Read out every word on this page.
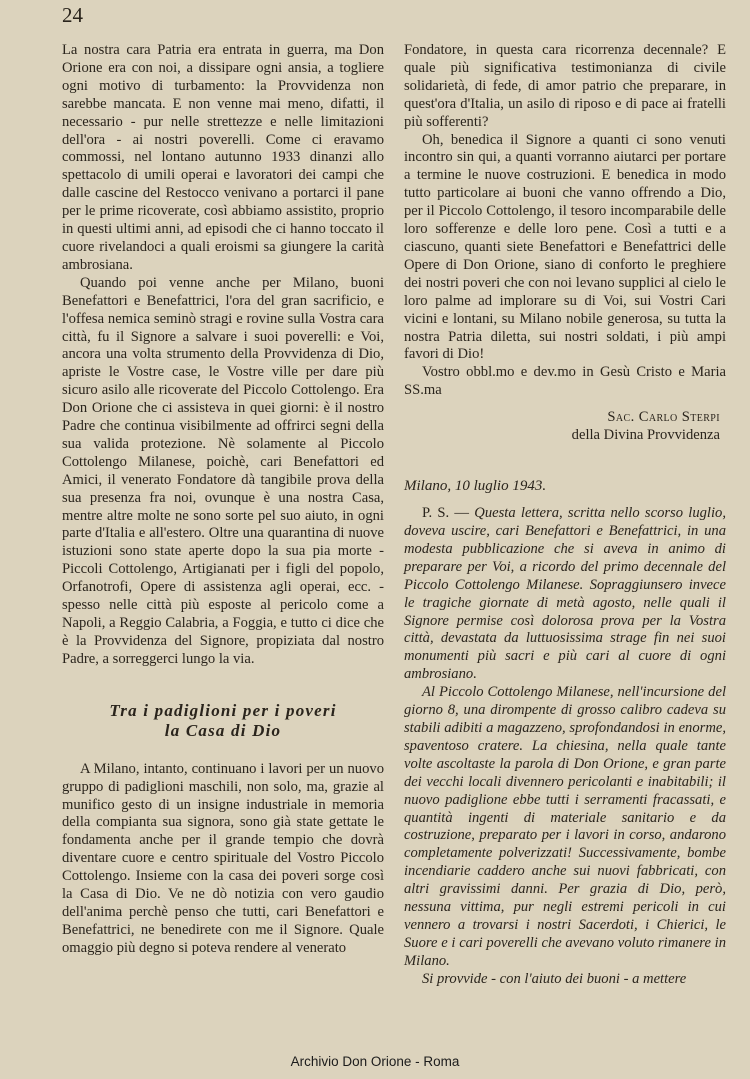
24

La nostra cara Patria era entrata in guerra, ma Don Orione era con noi, a dissipare ogni ansia, a togliere ogni motivo di turbamento: la Provvidenza non sarebbe mancata. E non venne mai meno, difatti, il necessario - pur nelle strettezze e nelle limitazioni dell'ora - ai nostri poverelli. Come ci eravamo commossi, nel lontano autunno 1933 dinanzi allo spettacolo di umili operai e lavoratori dei campi che dalle cascine del Restocco venivano a portarci il pane per le prime ricoverate, così abbiamo assistito, proprio in questi ultimi anni, ad episodi che ci hanno toccato il cuore rivelandoci a quali eroismi sa giungere la carità ambrosiana.

Quando poi venne anche per Milano, buoni Benefattori e Benefattrici, l'ora del gran sacrificio, e l'offesa nemica seminò stragi e rovine sulla Vostra cara città, fu il Signore a salvare i suoi poverelli: e Voi, ancora una volta strumento della Provvidenza di Dio, apriste le Vostre case, le Vostre ville per dare più sicuro asilo alle ricoverate del Piccolo Cottolengo. Era Don Orione che ci assisteva in quei giorni: è il nostro Padre che continua visibilmente ad offrirci segni della sua valida protezione. Nè solamente al Piccolo Cottolengo Milanese, poichè, cari Benefattori ed Amici, il venerato Fondatore dà tangibile prova della sua presenza fra noi, ovunque è una nostra Casa, mentre altre molte ne sono sorte pel suo aiuto, in ogni parte d'Italia e all'estero. Oltre una quarantina di nuove istuzioni sono state aperte dopo la sua pia morte - Piccoli Cottolengo, Artigianati per i figli del popolo, Orfanotrofi, Opere di assistenza agli operai, ecc. - spesso nelle città più esposte al pericolo come a Napoli, a Reggio Calabria, a Foggia, e tutto ci dice che è la Provvidenza del Signore, propiziata dal nostro Padre, a sorreggerci lungo la via.

Tra i padiglioni per i poveri
la Casa di Dio

A Milano, intanto, continuano i lavori per un nuovo gruppo di padiglioni maschili, non solo, ma, grazie al munifico gesto di un insigne industriale in memoria della compianta sua signora, sono già state gettate le fondamenta anche per il grande tempio che dovrà diventare cuore e centro spirituale del Vostro Piccolo Cottolengo. Insieme con la casa dei poveri sorge così la Casa di Dio. Ve ne dò notizia con vero gaudio dell'anima perchè penso che tutti, cari Benefattori e Benefattrici, ne benedirete con me il Signore. Quale omaggio più degno si poteva rendere al venerato

Fondatore, in questa cara ricorrenza decennale? E quale più significativa testimonianza di civile solidarietà, di fede, di amor patrio che preparare, in quest'ora d'Italia, un asilo di riposo e di pace ai fratelli più sofferenti?

Oh, benedica il Signore a quanti ci sono venuti incontro sin qui, a quanti vorranno aiutarci per portare a termine le nuove costruzioni. E benedica in modo tutto particolare ai buoni che vanno offrendo a Dio, per il Piccolo Cottolengo, il tesoro incomparabile delle loro sofferenze e delle loro pene. Così a tutti e a ciascuno, quanti siete Benefattori e Benefattrici delle Opere di Don Orione, siano di conforto le preghiere dei nostri poveri che con noi levano supplici al cielo le loro palme ad implorare su di Voi, sui Vostri Cari vicini e lontani, su Milano nobile generosa, su tutta la nostra Patria diletta, sui nostri soldati, i più ampi favori di Dio!

Vostro obbl.mo e dev.mo in Gesù Cristo e Maria SS.ma

Sac. Carlo Sterpi
della Divina Provvidenza
Milano, 10 luglio 1943.

P. S. — Questa lettera, scritta nello scorso luglio, doveva uscire, cari Benefattori e Benefattrici, in una modesta pubblicazione che si aveva in animo di preparare per Voi, a ricordo del primo decennale del Piccolo Cottolengo Milanese. Sopraggiunsero invece le tragiche giornate di metà agosto, nelle quali il Signore permise così dolorosa prova per la Vostra città, devastata da luttuosissima strage fin nei suoi monumenti più sacri e più cari al cuore di ogni ambrosiano.

Al Piccolo Cottolengo Milanese, nell'incursione del giorno 8, una dirompente di grosso calibro cadeva su stabili adibiti a magazzeno, sprofondandosi in enorme, spaventoso cratere. La chiesina, nella quale tante volte ascoltaste la parola di Don Orione, e gran parte dei vecchi locali divennero pericolanti e inabitabili; il nuovo padiglione ebbe tutti i serramenti fracassati, e quantità ingenti di materiale sanitario e da costruzione, preparato per i lavori in corso, andarono completamente polverizzati! Successivamente, bombe incendiarie caddero anche sui nuovi fabbricati, con altri gravissimi danni. Per grazia di Dio, però, nessuna vittima, pur negli estremi pericoli in cui vennero a trovarsi i nostri Sacerdoti, i Chierici, le Suore e i cari poverelli che avevano voluto rimanere in Milano.

Si provvide - con l'aiuto dei buoni - a mettere

Archivio Don Orione - Roma
